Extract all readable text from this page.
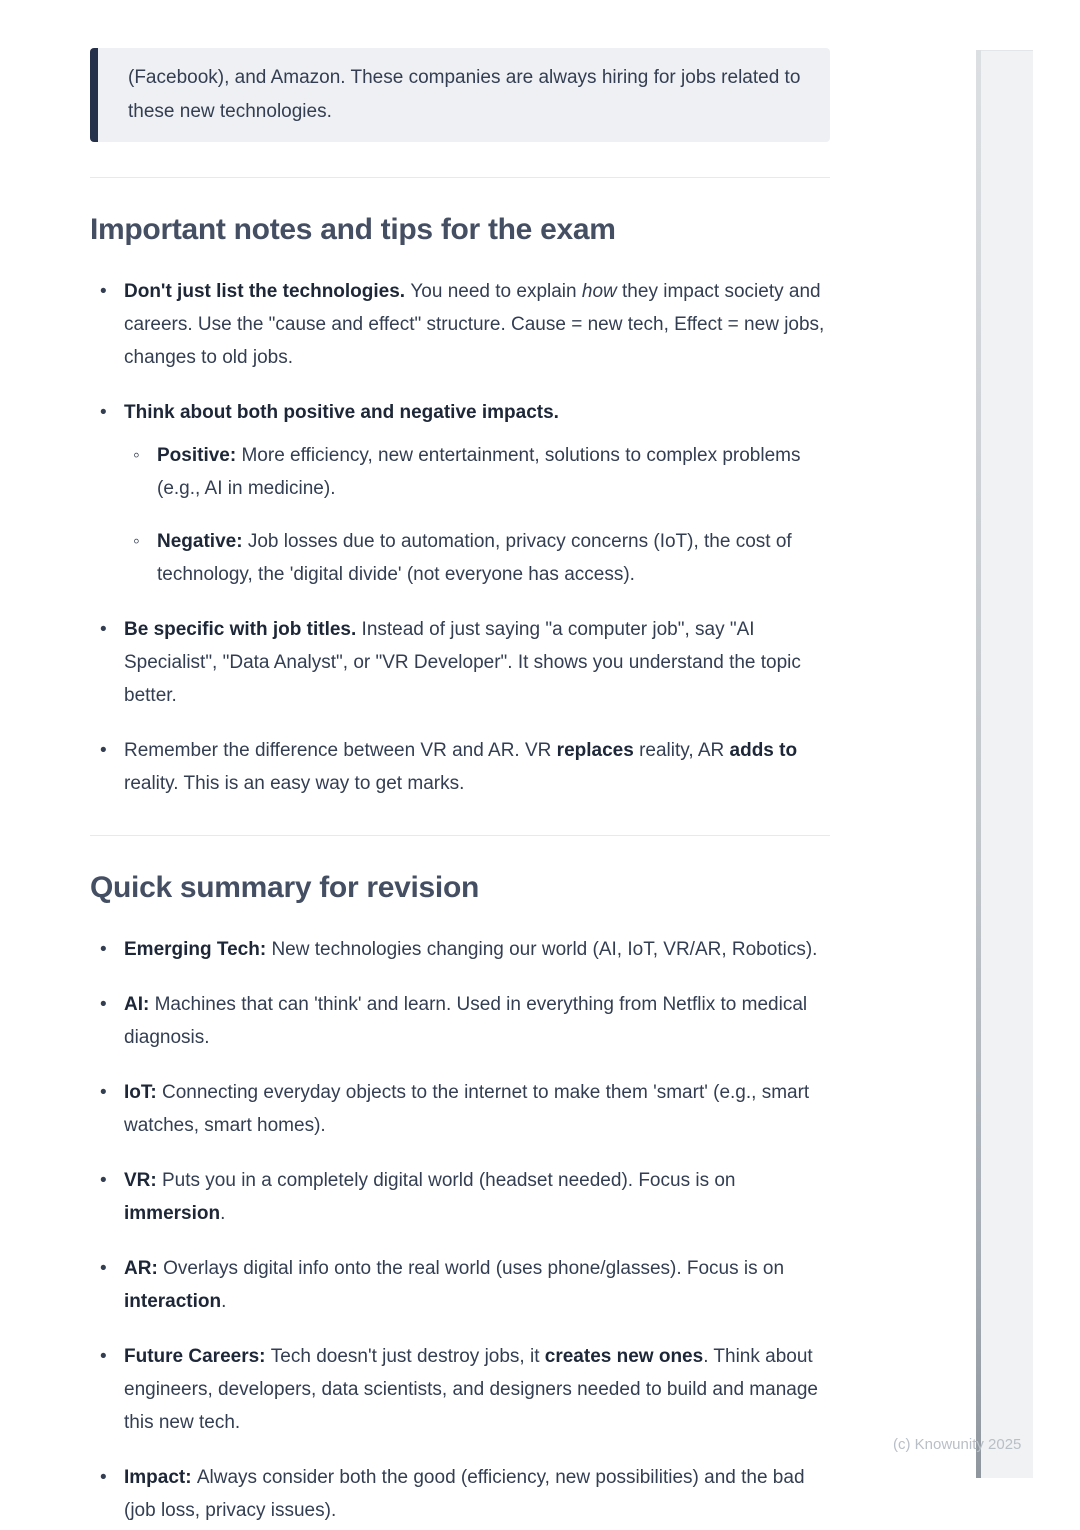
(c) Knowunity 2025
(Facebook), and Amazon. These companies are always hiring for jobs related to these new technologies.
Important notes and tips for the exam
• Don't just list the technologies. You need to explain how they impact society and careers. Use the "cause and effect" structure. Cause = new tech, Effect = new jobs, changes to old jobs.
• Think about both positive and negative impacts.
◦ Positive: More efficiency, new entertainment, solutions to complex problems (e.g., AI in medicine).
◦ Negative: Job losses due to automation, privacy concerns (IoT), the cost of technology, the 'digital divide' (not everyone has access).
• Be specific with job titles. Instead of just saying "a computer job", say "AI Specialist", "Data Analyst", or "VR Developer". It shows you understand the topic better.
• Remember the difference between VR and AR. VR replaces reality, AR adds to reality. This is an easy way to get marks.
Quick summary for revision
• Emerging Tech: New technologies changing our world (AI, IoT, VR/AR, Robotics).
• AI: Machines that can 'think' and learn. Used in everything from Netflix to medical diagnosis.
• IoT: Connecting everyday objects to the internet to make them 'smart' (e.g., smart watches, smart homes).
• VR: Puts you in a completely digital world (headset needed). Focus is on immersion.
• AR: Overlays digital info onto the real world (uses phone/glasses). Focus is on interaction.
• Future Careers: Tech doesn't just destroy jobs, it creates new ones. Think about engineers, developers, data scientists, and designers needed to build and manage this new tech.
• Impact: Always consider both the good (efficiency, new possibilities) and the bad (job loss, privacy issues).
